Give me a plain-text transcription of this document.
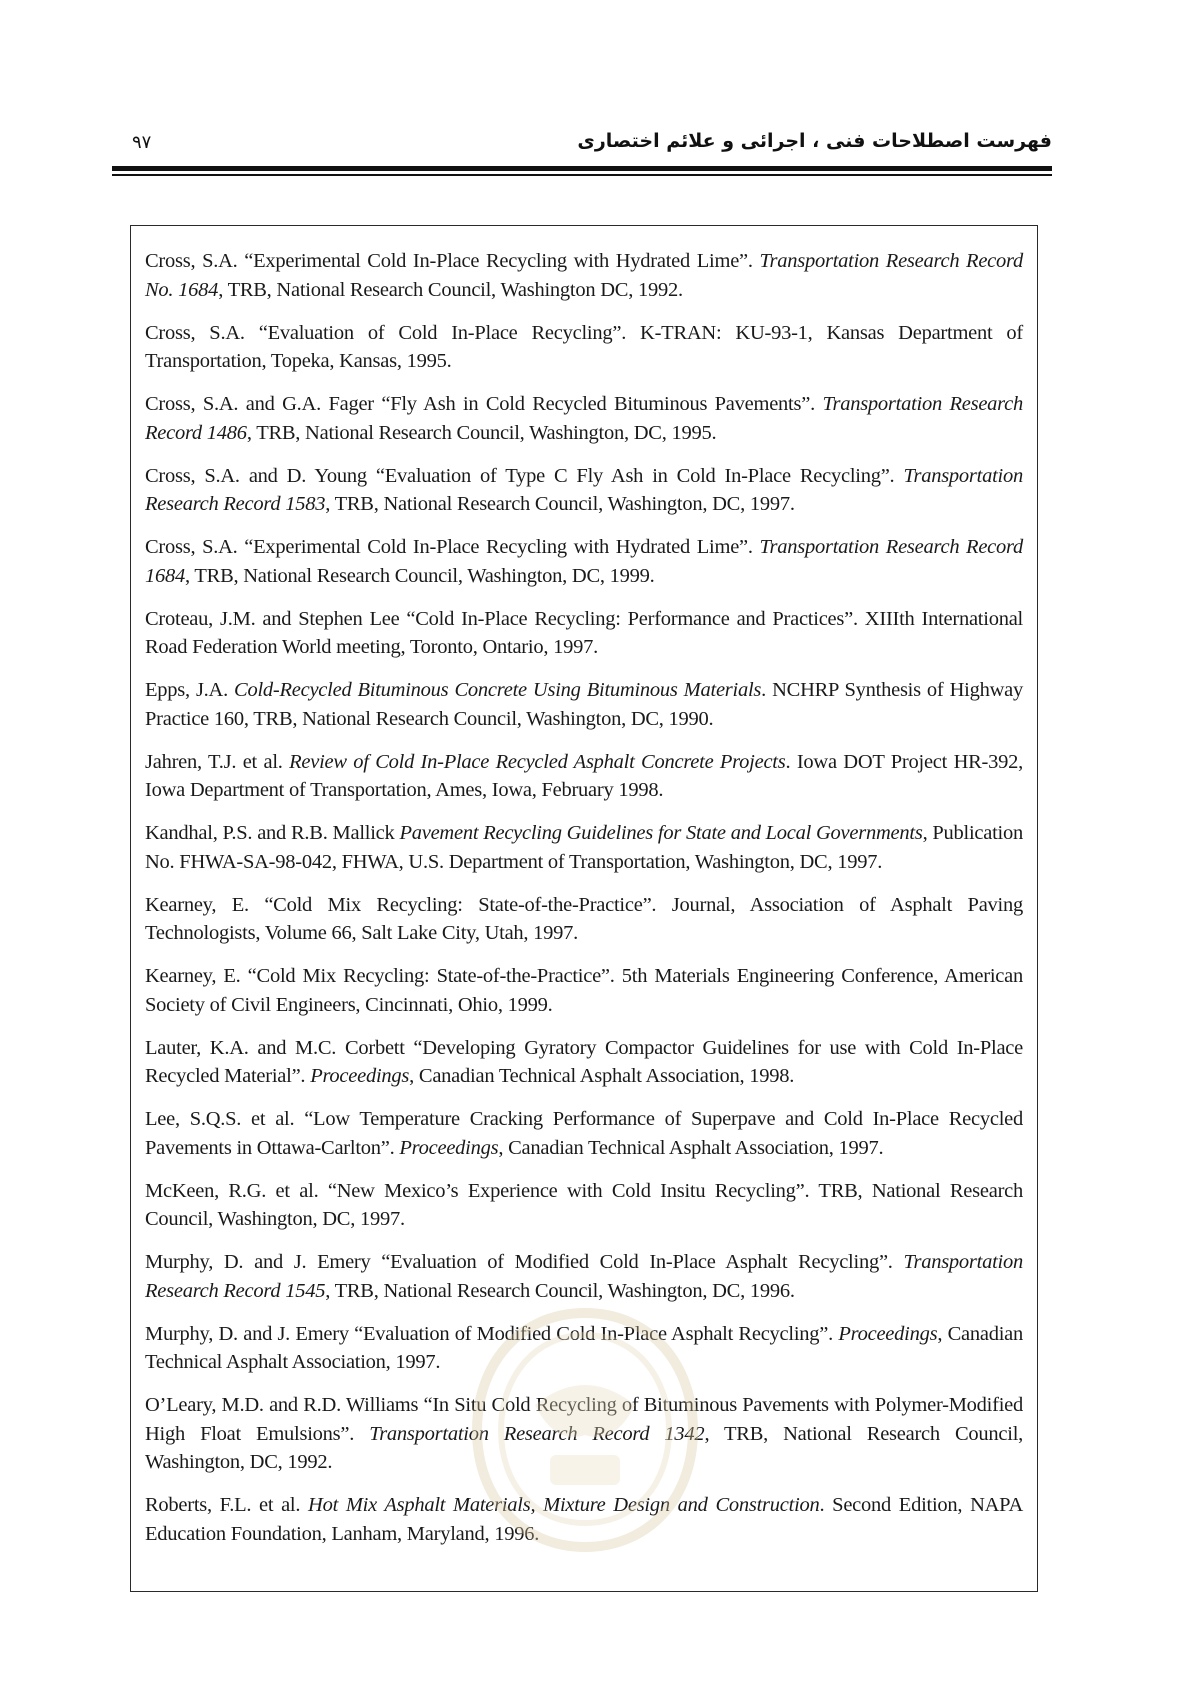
فهرست اصطلاحات فنی ، اجرائی و علائم اختصاری
۹۷
Cross, S.A. “Experimental Cold In-Place Recycling with Hydrated Lime”. Transportation Research Record No. 1684, TRB, National Research Council, Washington DC, 1992.
Cross, S.A. “Evaluation of Cold In-Place Recycling”. K-TRAN: KU-93-1, Kansas Department of Transportation, Topeka, Kansas, 1995.
Cross, S.A. and G.A. Fager “Fly Ash in Cold Recycled Bituminous Pavements”. Transportation Research Record 1486, TRB, National Research Council, Washington, DC, 1995.
Cross, S.A. and D. Young “Evaluation of Type C Fly Ash in Cold In-Place Recycling”. Transportation Research Record 1583, TRB, National Research Council, Washington, DC, 1997.
Cross, S.A. “Experimental Cold In-Place Recycling with Hydrated Lime”. Transportation Research Record 1684, TRB, National Research Council, Washington, DC, 1999.
Croteau, J.M. and Stephen Lee “Cold In-Place Recycling: Performance and Practices”. XIIIth International Road Federation World meeting, Toronto, Ontario, 1997.
Epps, J.A. Cold-Recycled Bituminous Concrete Using Bituminous Materials. NCHRP Synthesis of Highway Practice 160, TRB, National Research Council, Washington, DC, 1990.
Jahren, T.J. et al. Review of Cold In-Place Recycled Asphalt Concrete Projects. Iowa DOT Project HR-392, Iowa Department of Transportation, Ames, Iowa, February 1998.
Kandhal, P.S. and R.B. Mallick Pavement Recycling Guidelines for State and Local Governments, Publication No. FHWA-SA-98-042, FHWA, U.S. Department of Transportation, Washington, DC, 1997.
Kearney, E. “Cold Mix Recycling: State-of-the-Practice”. Journal, Association of Asphalt Paving Technologists, Volume 66, Salt Lake City, Utah, 1997.
Kearney, E. “Cold Mix Recycling: State-of-the-Practice”. 5th Materials Engineering Conference, American Society of Civil Engineers, Cincinnati, Ohio, 1999.
Lauter, K.A. and M.C. Corbett “Developing Gyratory Compactor Guidelines for use with Cold In-Place Recycled Material”. Proceedings, Canadian Technical Asphalt Association, 1998.
Lee, S.Q.S. et al. “Low Temperature Cracking Performance of Superpave and Cold In-Place Recycled Pavements in Ottawa-Carlton”. Proceedings, Canadian Technical Asphalt Association, 1997.
McKeen, R.G. et al. “New Mexico’s Experience with Cold Insitu Recycling”. TRB, National Research Council, Washington, DC, 1997.
Murphy, D. and J. Emery “Evaluation of Modified Cold In-Place Asphalt Recycling”. Transportation Research Record 1545, TRB, National Research Council, Washington, DC, 1996.
Murphy, D. and J. Emery “Evaluation of Modified Cold In-Place Asphalt Recycling”. Proceedings, Canadian Technical Asphalt Association, 1997.
O’Leary, M.D. and R.D. Williams “In Situ Cold Recycling of Bituminous Pavements with Polymer-Modified High Float Emulsions”. Transportation Research Record 1342, TRB, National Research Council, Washington, DC, 1992.
Roberts, F.L. et al. Hot Mix Asphalt Materials, Mixture Design and Construction. Second Edition, NAPA Education Foundation, Lanham, Maryland, 1996.
